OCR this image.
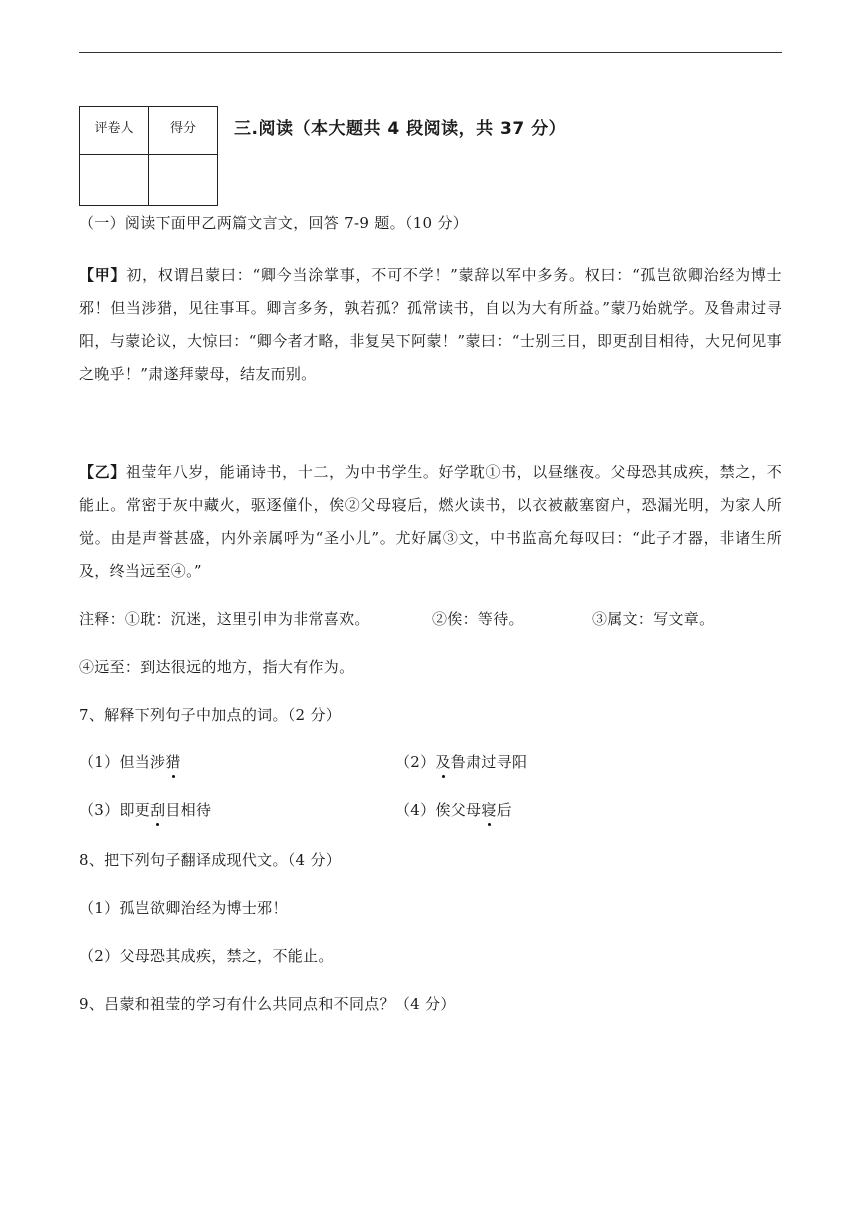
评卷人	得分
	三.阅读（本大题共 4 段阅读，共 37 分）
（一）阅读下面甲乙两篇文言文，回答 7-9 题。（10 分）
【甲】初，权谓吕蒙曰：“卿今当涂掌事，不可不学！”蒙辞以军中多务。权曰：“孤岂欲卿治经为博士邪！但当涉猎，见往事耳。卿言多务，孰若孤？孤常读书，自以为大有所益。”蒙乃始就学。及鲁肃过寻阳，与蒙论议，大惊曰：“卿今者才略，非复吴下阿蒙！”蒙曰：“士别三日，即更刮目相待，大兄何见事之晚乎！”肃遂拜蒙母，结友而别。
【乙】祖莹年八岁，能诵诗书，十二，为中书学生。好学耽①书，以昼继夜。父母恐其成疾，禁之，不能止。常密于灰中藏火，驱逐僮仆，俟②父母寝后，燃火读书，以衣被蔽塞窗户，恐漏光明，为家人所觉。由是声誉甚盛，内外亲属呼为“圣小儿”。尤好属③文，中书监高允每叹曰：“此子才器，非诸生所及，终当远至④。”
注释：①耽：沉迷，这里引申为非常喜欢。	②俟：等待。	③属文：写文章。
④远至：到达很远的地方，指大有作为。
7、解释下列句子中加点的词。（2 分）
（1）但当涉猎	（2）及鲁肃过寻阳
（3）即更刮目相待	（4）俟父母寝后
8、把下列句子翻译成现代文。（4 分）
（1）孤岂欲卿治经为博士邪！
（2）父母恐其成疾，禁之，不能止。
9、吕蒙和祖莹的学习有什么共同点和不同点？（4 分）
